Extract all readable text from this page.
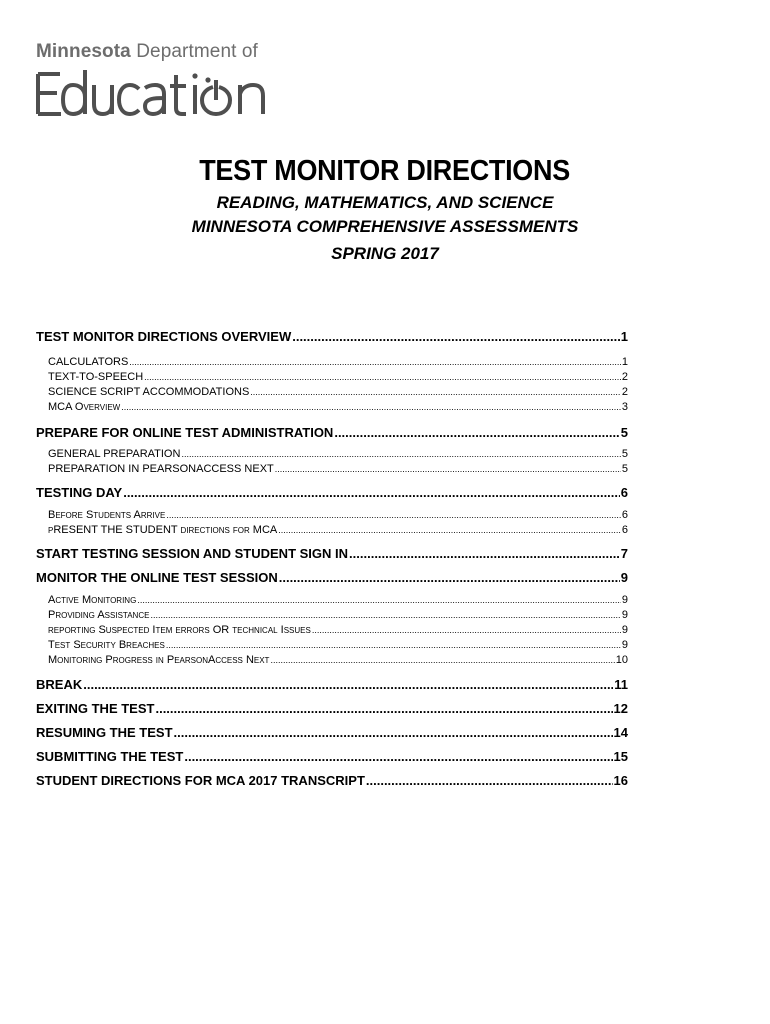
Minnesota Department of
TEST MONITOR DIRECTIONS
READING, MATHEMATICS, AND SCIENCE
MINNESOTA COMPREHENSIVE ASSESSMENTS
SPRING 2017
TEST MONITOR DIRECTIONS OVERVIEW .....	1
CALCULATORS .....	1
TEXT-TO-SPEECH .....	2
SCIENCE SCRIPT ACCOMMODATIONS .....	2
MCA Overview .....	3
PREPARE FOR ONLINE TEST ADMINISTRATION .....	5
GENERAL PREPARATION .....	5
PREPARATION IN PEARSONACCESS NEXT .....	5
TESTING DAY .....	6
Before Students Arrive .....	6
pRESENT THE STUDENT directions for MCA .....	6
START TESTING SESSION AND STUDENT SIGN IN .....	7
MONITOR THE ONLINE TEST SESSION .....	9
Active Monitoring .....	9
Providing Assistance .....	9
reporting Suspected Item errors OR technical Issues .....	9
Test Security Breaches .....	9
Monitoring Progress in PearsonAccess Next .....	10
BREAK .....	11
EXITING THE TEST .....	12
RESUMING THE TEST .....	14
SUBMITTING THE TEST .....	15
STUDENT DIRECTIONS FOR MCA 2017 TRANSCRIPT .....	16
